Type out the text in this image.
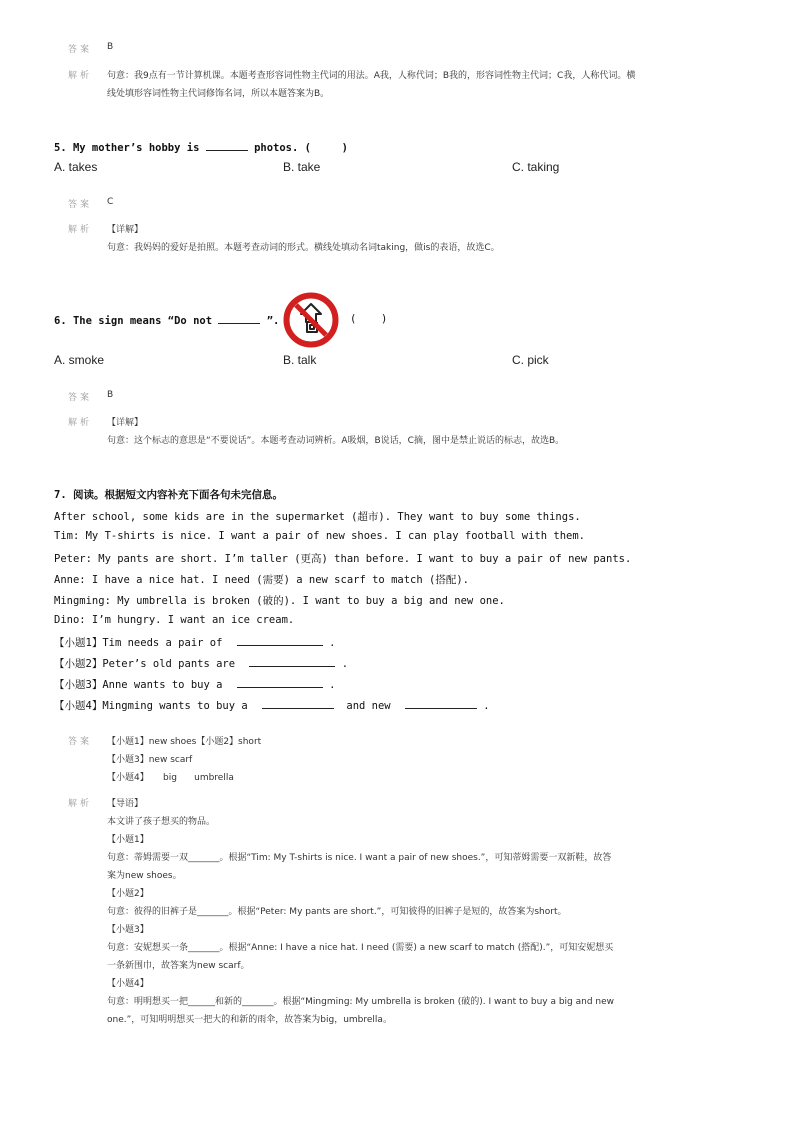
答案 B
解析 句意：我9点有一节计算机课。本题考查形容词性物主代词的用法。A我，人称代词；B我的，形容词性物主代词；C我，人称代词。横
线处填形容词性物主代词修饰名词，所以本题答案为B。
5. My mother’s hobby is	photos. (	)
A. takes	B. take	C. taking
答案 C
解析 【详解】
句意：我妈妈的爱好是拍照。本题考查动词的形式。横线处填动名词taking，做is的表语，故选C。
6. The sign means “Do not	”.	( )
A. smoke	B. talk	C. pick
答案 B
解析 【详解】
句意：这个标志的意思是“不要说话”。本题考查动词辨析。A吸烟，B说话，C摘，图中是禁止说话的标志，故选B。
7. 阅读。根据短文内容补充下面各句未完信息。
After school, some kids are in the supermarket (超市). They want to buy some things.
Tim: My T-shirts is nice. I want a pair of new shoes. I can play football with them.
Peter: My pants are short. I’m taller (更高) than before. I want to buy a pair of new pants.
Anne: I have a nice hat. I need (需要) a new scarf to match (搭配).
Mingming: My umbrella is broken (破的). I want to buy a big and new one.
Dino: I’m hungry. I want an ice cream.
【小题1】Tim needs a pair of	.
【小题2】Peter’s old pants are	.
【小题3】Anne wants to buy a	.
【小题4】Mingming wants to buy a	and new	.
答案 【小题1】new shoes【小题2】short
【小题3】new scarf
【小题4】     big      umbrella
解析 【导语】
本文讲了孩子想买的物品。
【小题1】
句意：蒂姆需要一双_______。根据“Tim: My T-shirts is nice. I want a pair of new shoes.”，可知蒂姆需要一双新鞋，故答
案为new shoes。
【小题2】
句意：彼得的旧裤子是_______。根据“Peter: My pants are short.”，可知彼得的旧裤子是短的，故答案为short。
【小题3】
句意：安妮想买一条_______。根据“Anne: I have a nice hat. I need (需要) a new scarf to match (搭配).”，可知安妮想买
一条新围巾，故答案为new scarf。
【小题4】
句意：明明想买一把______和新的_______。根据“Mingming: My umbrella is broken (破的). I want to buy a big and new
one.”，可知明明想买一把大的和新的雨伞，故答案为big，umbrella。
